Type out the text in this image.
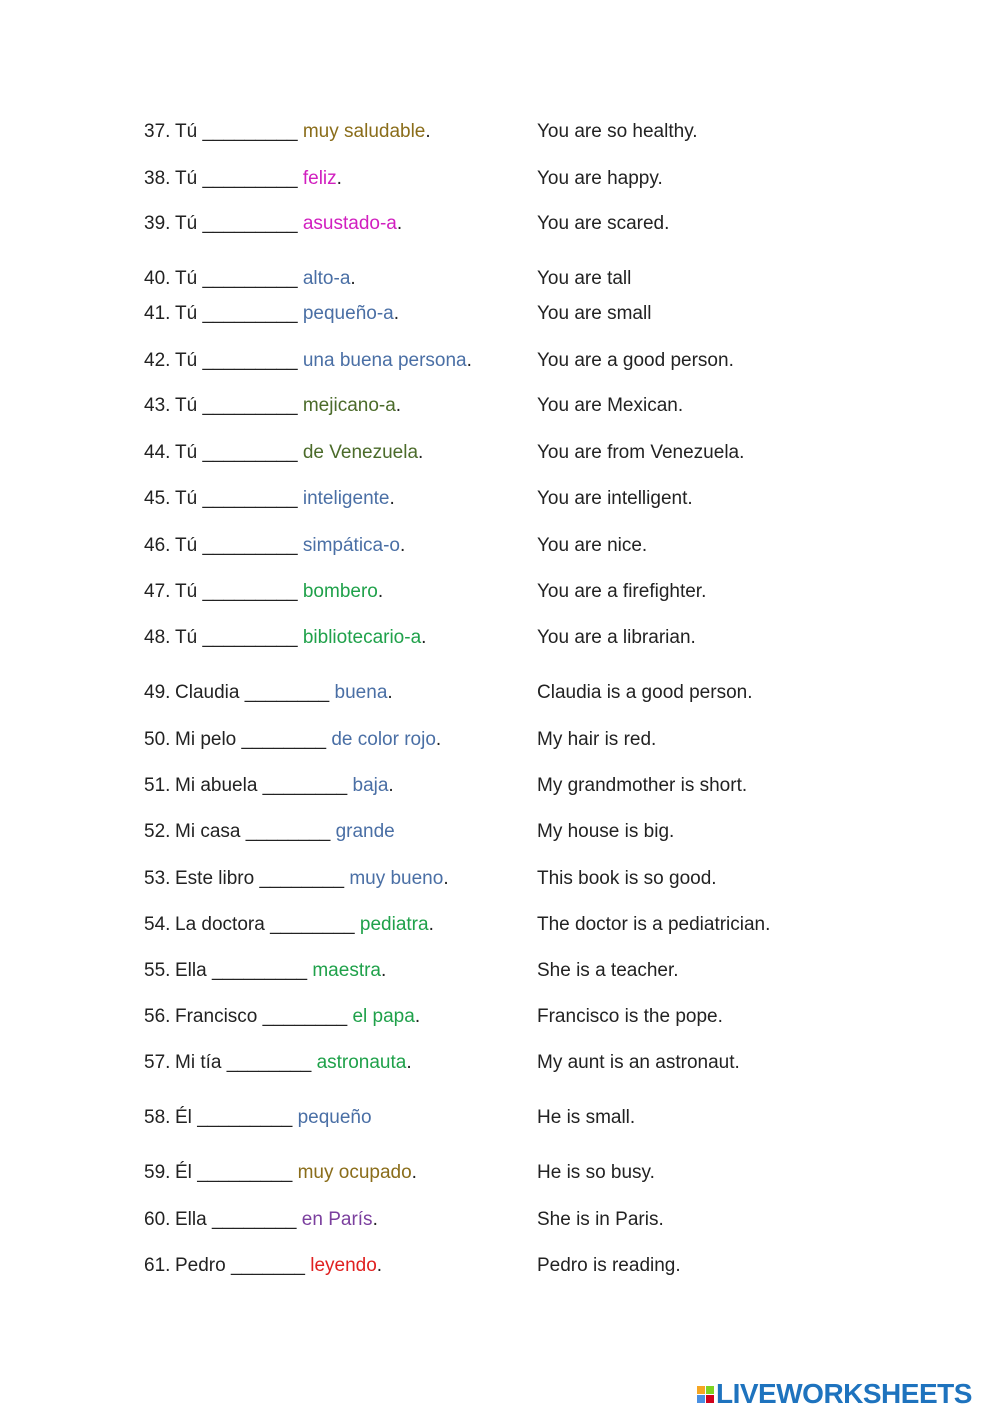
37. Tú _________ muy saludable.	You are so healthy.
38. Tú _________ feliz.	You are happy.
39. Tú _________ asustado-a.	You are scared.
40. Tú _________ alto-a.	You are tall
41. Tú _________ pequeño-a.	You are small
42. Tú _________ una buena persona.	You are a good person.
43. Tú _________ mejicano-a.	You are Mexican.
44. Tú _________ de Venezuela.	You are from Venezuela.
45. Tú _________ inteligente.	You are intelligent.
46. Tú _________ simpática-o.	You are nice.
47. Tú _________ bombero.	You are a firefighter.
48. Tú _________ bibliotecario-a.	You are a librarian.
49. Claudia ________ buena.	Claudia is a good person.
50. Mi pelo ________ de color rojo.	My hair is red.
51. Mi abuela ________ baja.	My grandmother is short.
52. Mi casa ________ grande	My house is big.
53. Este libro ________ muy bueno.	This book is so good.
54. La doctora ________ pediatra.	The doctor is a pediatrician.
55. Ella _________ maestra.	She is a teacher.
56. Francisco ________ el papa.	Francisco is the pope.
57. Mi tía ________ astronauta.	My aunt is an astronaut.
58. Él _________ pequeño	He is small.
59. Él _________ muy ocupado.	He is so busy.
60. Ella ________ en París.	She is in Paris.
61. Pedro _______ leyendo.	Pedro is reading.
LIVEWORKSHEETS
